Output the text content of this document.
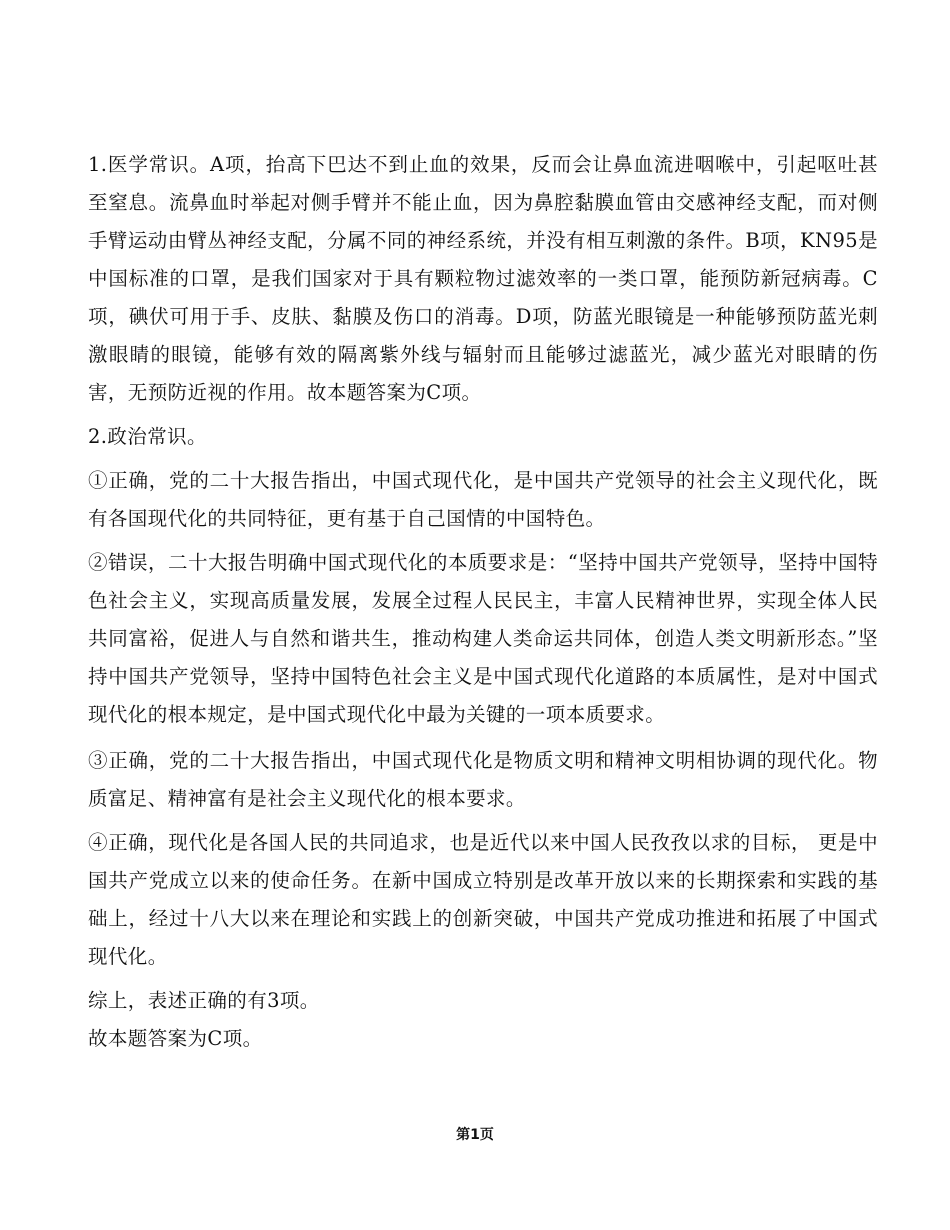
1.医学常识。A项，抬高下巴达不到止血的效果，反而会让鼻血流进咽喉中，引起呕吐甚至窒息。流鼻血时举起对侧手臂并不能止血，因为鼻腔黏膜血管由交感神经支配，而对侧手臂运动由臂丛神经支配，分属不同的神经系统，并没有相互刺激的条件。B项，KN95是中国标准的口罩，是我们国家对于具有颗粒物过滤效率的一类口罩，能预防新冠病毒。C项，碘伏可用于手、皮肤、黏膜及伤口的消毒。D项，防蓝光眼镜是一种能够预防蓝光刺激眼睛的眼镜，能够有效的隔离紫外线与辐射而且能够过滤蓝光，减少蓝光对眼睛的伤害，无预防近视的作用。故本题答案为C项。

2.政治常识。

①正确，党的二十大报告指出，中国式现代化，是中国共产党领导的社会主义现代化，既有各国现代化的共同特征，更有基于自己国情的中国特色。

②错误，二十大报告明确中国式现代化的本质要求是：“坚持中国共产党领导，坚持中国特色社会主义，实现高质量发展，发展全过程人民民主，丰富人民精神世界，实现全体人民共同富裕，促进人与自然和谐共生，推动构建人类命运共同体，创造人类文明新形态。”坚持中国共产党领导，坚持中国特色社会主义是中国式现代化道路的本质属性，是对中国式现代化的根本规定，是中国式现代化中最为关键的一项本质要求。

③正确，党的二十大报告指出，中国式现代化是物质文明和精神文明相协调的现代化。物质富足、精神富有是社会主义现代化的根本要求。

④正确，现代化是各国人民的共同追求，也是近代以来中国人民孜孜以求的目标， 更是中国共产党成立以来的使命任务。在新中国成立特别是改革开放以来的长期探索和实践的基础上，经过十八大以来在理论和实践上的创新突破，中国共产党成功推进和拓展了中国式现代化。

综上，表述正确的有3项。

故本题答案为C项。

第1页
